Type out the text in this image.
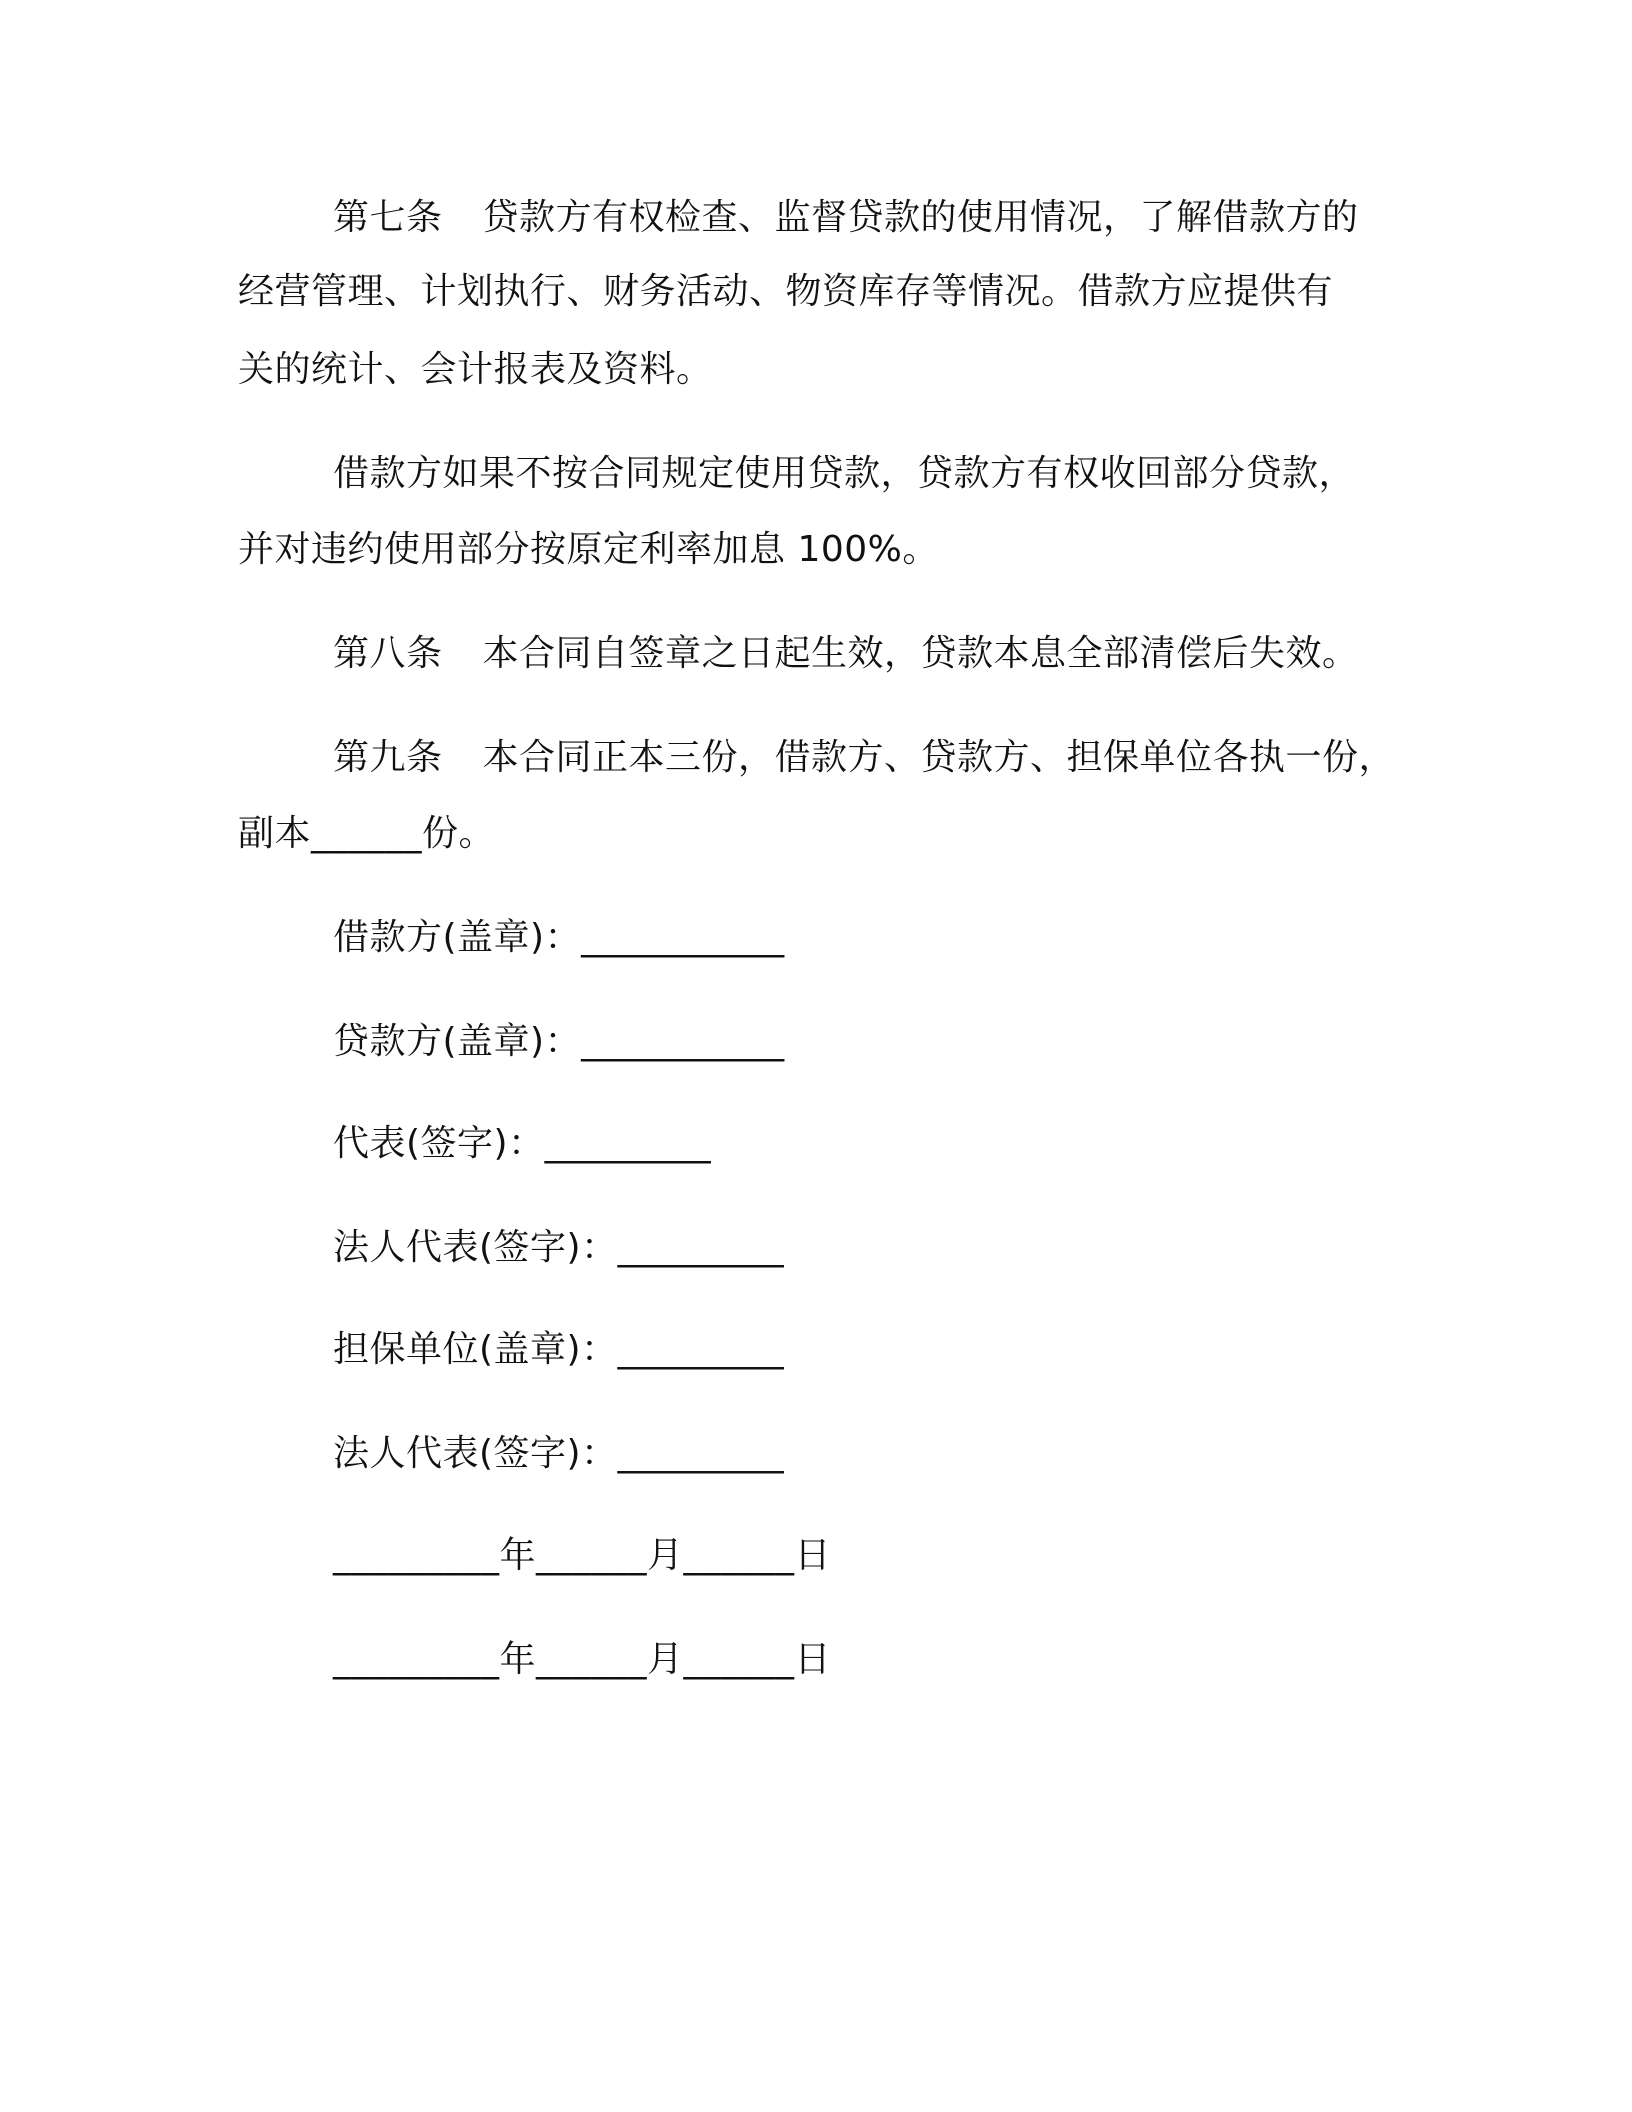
第七条 贷款方有权检查、监督贷款的使用情况，了解借款方的
经营管理、计划执行、财务活动、物资库存等情况。借款方应提供有
关的统计、会计报表及资料。
借款方如果不按合同规定使用贷款，贷款方有权收回部分贷款，
并对违约使用部分按原定利率加息 100%。
第八条 本合同自签章之日起生效，贷款本息全部清偿后失效。
第九条 本合同正本三份，借款方、贷款方、担保单位各执一份，
副本______份。
借款方(盖章)：___________
贷款方(盖章)：___________
代表(签字)：_________
法人代表(签字)：_________
担保单位(盖章)：_________
法人代表(签字)：_________
_________年______月______日
_________年______月______日
